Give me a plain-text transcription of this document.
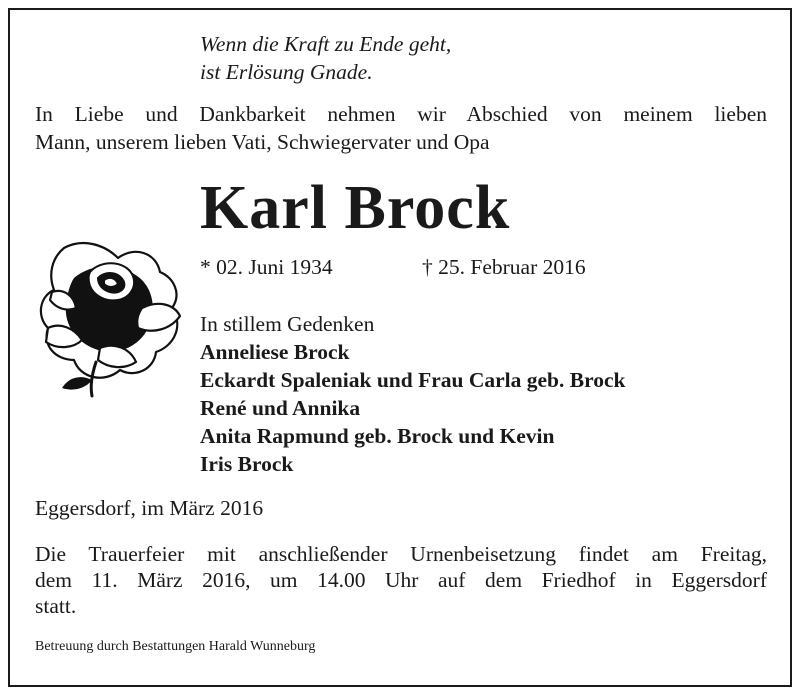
Wenn die Kraft zu Ende geht,
ist Erlösung Gnade.
In Liebe und Dankbarkeit nehmen wir Abschied von meinem lieben
Mann, unserem lieben Vati, Schwiegervater und Opa
Karl Brock
* 02. Juni 1934	† 25. Februar 2016
In stillem Gedenken
Anneliese Brock
Eckardt Spaleniak und Frau Carla geb. Brock
René und Annika
Anita Rapmund geb. Brock und Kevin
Iris Brock
Eggersdorf, im März 2016
Die Trauerfeier mit anschließender Urnenbeisetzung findet am Freitag,
dem 11. März 2016, um 14.00 Uhr auf dem Friedhof in Eggersdorf
statt.
Betreuung durch Bestattungen Harald Wunneburg
